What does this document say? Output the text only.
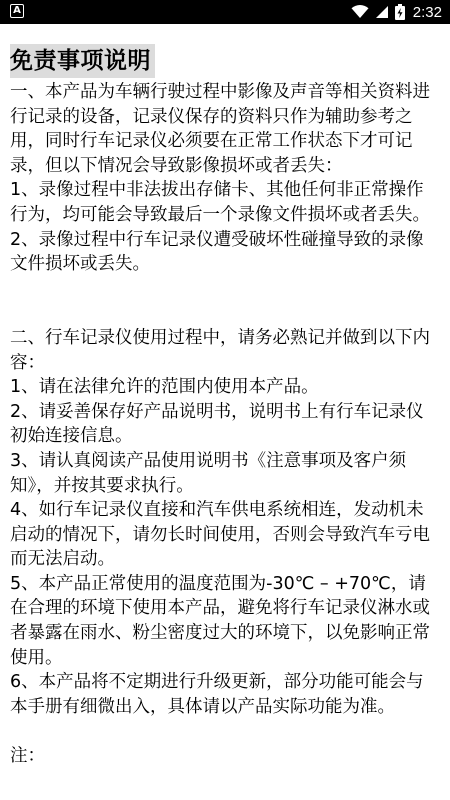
A	2:32
免责事项说明

一、本产品为车辆行驶过程中影像及声音等相关资料进行记录的设备，记录仪保存的资料只作为辅助参考之用，同时行车记录仪必须要在正常工作状态下才可记录，但以下情况会导致影像损坏或者丢失：

1、录像过程中非法拔出存储卡、其他任何非正常操作行为，均可能会导致最后一个录像文件损坏或者丢失。

2、录像过程中行车记录仪遭受破坏性碰撞导致的录像文件损坏或丢失。

二、行车记录仪使用过程中，请务必熟记并做到以下内容：

1、请在法律允许的范围内使用本产品。

2、请妥善保存好产品说明书，说明书上有行车记录仪初始连接信息。

3、请认真阅读产品使用说明书《注意事项及客户须知》，并按其要求执行。

4、如行车记录仪直接和汽车供电系统相连，发动机未启动的情况下，请勿长时间使用，否则会导致汽车亏电而无法启动。

5、本产品正常使用的温度范围为-30℃ – +70℃，请在合理的环境下使用本产品，避免将行车记录仪淋水或者暴露在雨水、粉尘密度过大的环境下，以免影响正常使用。

6、本产品将不定期进行升级更新，部分功能可能会与本手册有细微出入，具体请以产品实际功能为准。

注：
